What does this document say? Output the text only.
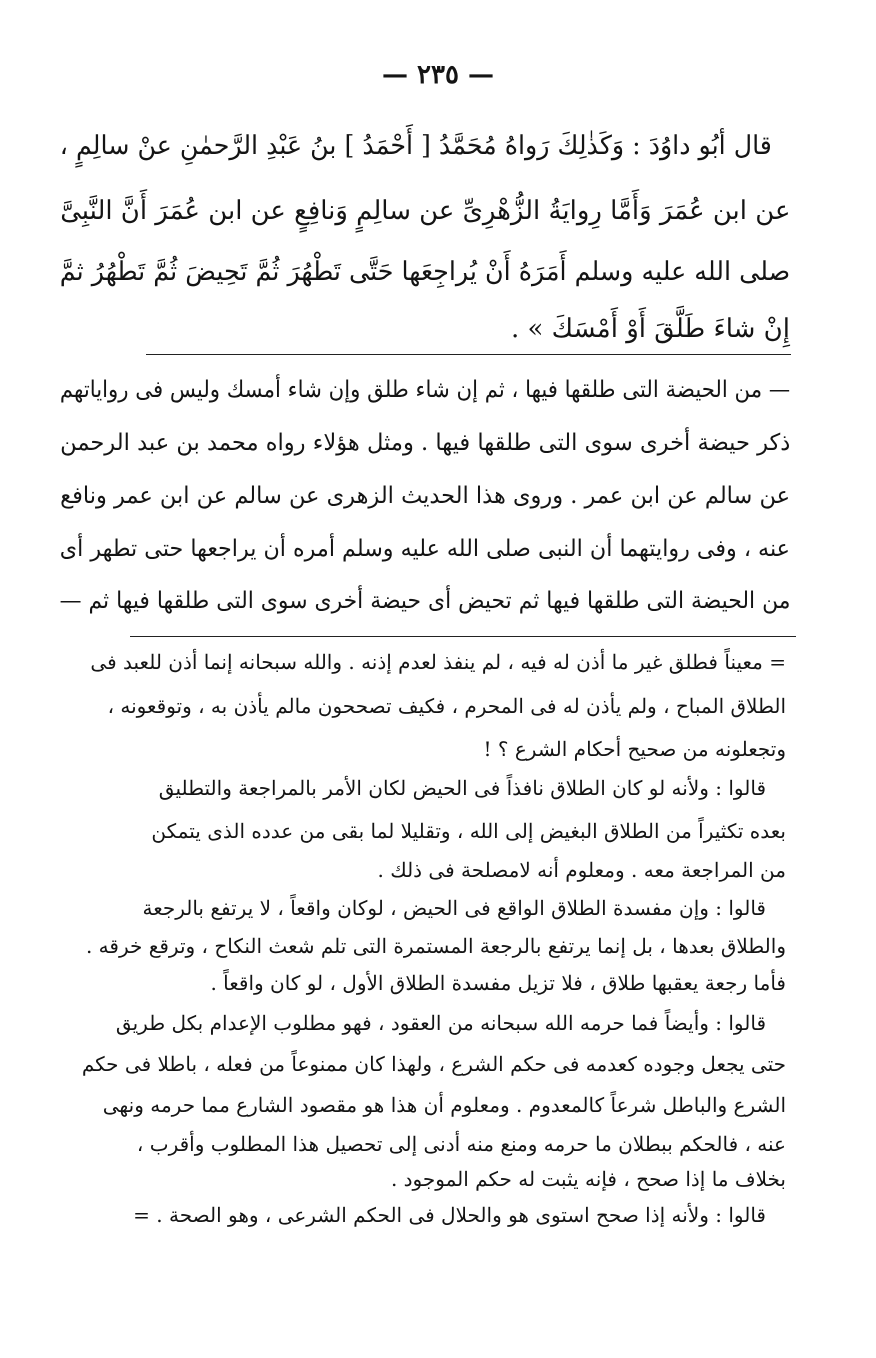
— ٢٣٥ —
قال أبُو داوُدَ : وَكَذٰلِكَ رَواهُ مُحَمَّدُ [ أَحْمَدُ ] بنُ عَبْدِ الرَّحمٰنِ عنْ سالِمٍ ،
عن ابن عُمَرَ وَأَمَّا رِوايَةُ الزُّهْرِىِّ عن سالِمٍ وَنافِعٍ عن ابن عُمَرَ أَنَّ النَّبِىَّ
صلى الله عليه وسلم أَمَرَهُ أَنْ يُراجِعَها حَتَّى تَطْهُرَ ثُمَّ تَحِيضَ ثُمَّ تَطْهُرُ ثمَّ
إِنْ شاءَ طَلَّقَ أَوْ أَمْسَكَ » .
— من الحيضة التى طلقها فيها ، ثم إن شاء طلق وإن شاء أمسك وليس فى رواياتهم
ذكر حيضة أخرى سوى التى طلقها فيها . ومثل هؤلاء رواه محمد بن عبد الرحمن
عن سالم عن ابن عمر . وروى هذا الحديث الزهرى عن سالم عن ابن عمر ونافع
عنه ، وفى روايتهما أن النبى صلى الله عليه وسلم أمره أن يراجعها حتى تطهر أى
من الحيضة التى طلقها فيها ثم تحيض أى حيضة أخرى سوى التى طلقها فيها ثم —
= معيناً فطلق غير ما أذن له فيه ، لم ينفذ لعدم إذنه . والله سبحانه إنما أذن للعبد فى
الطلاق المباح ، ولم يأذن له فى المحرم ، فكيف تصححون مالم يأذن به ، وتوقعونه ،
وتجعلونه من صحيح أحكام الشرع ؟ !
قالوا : ولأنه لو كان الطلاق نافذاً فى الحيض لكان الأمر بالمراجعة والتطليق
بعده تكثيراً من الطلاق البغيض إلى الله ، وتقليلا لما بقى من عدده الذى يتمكن
من المراجعة معه . ومعلوم أنه لامصلحة فى ذلك .
قالوا : وإن مفسدة الطلاق الواقع فى الحيض ، لوكان واقعاً ، لا يرتفع بالرجعة
والطلاق بعدها ، بل إنما يرتفع بالرجعة المستمرة التى تلم شعث النكاح ، وترقع خرقه .
فأما رجعة يعقبها طلاق ، فلا تزيل مفسدة الطلاق الأول ، لو كان واقعاً .
قالوا : وأيضاً فما حرمه الله سبحانه من العقود ، فهو مطلوب الإعدام بكل طريق
حتى يجعل وجوده كعدمه فى حكم الشرع ، ولهذا كان ممنوعاً من فعله ، باطلا فى حكم
الشرع والباطل شرعاً كالمعدوم . ومعلوم أن هذا هو مقصود الشارع مما حرمه ونهى
عنه ، فالحكم ببطلان ما حرمه ومنع منه أدنى إلى تحصيل هذا المطلوب وأقرب ،
بخلاف ما إذا صحح ، فإنه يثبت له حكم الموجود .
قالوا : ولأنه إذا صحح استوى هو والحلال فى الحكم الشرعى ، وهو الصحة . =
